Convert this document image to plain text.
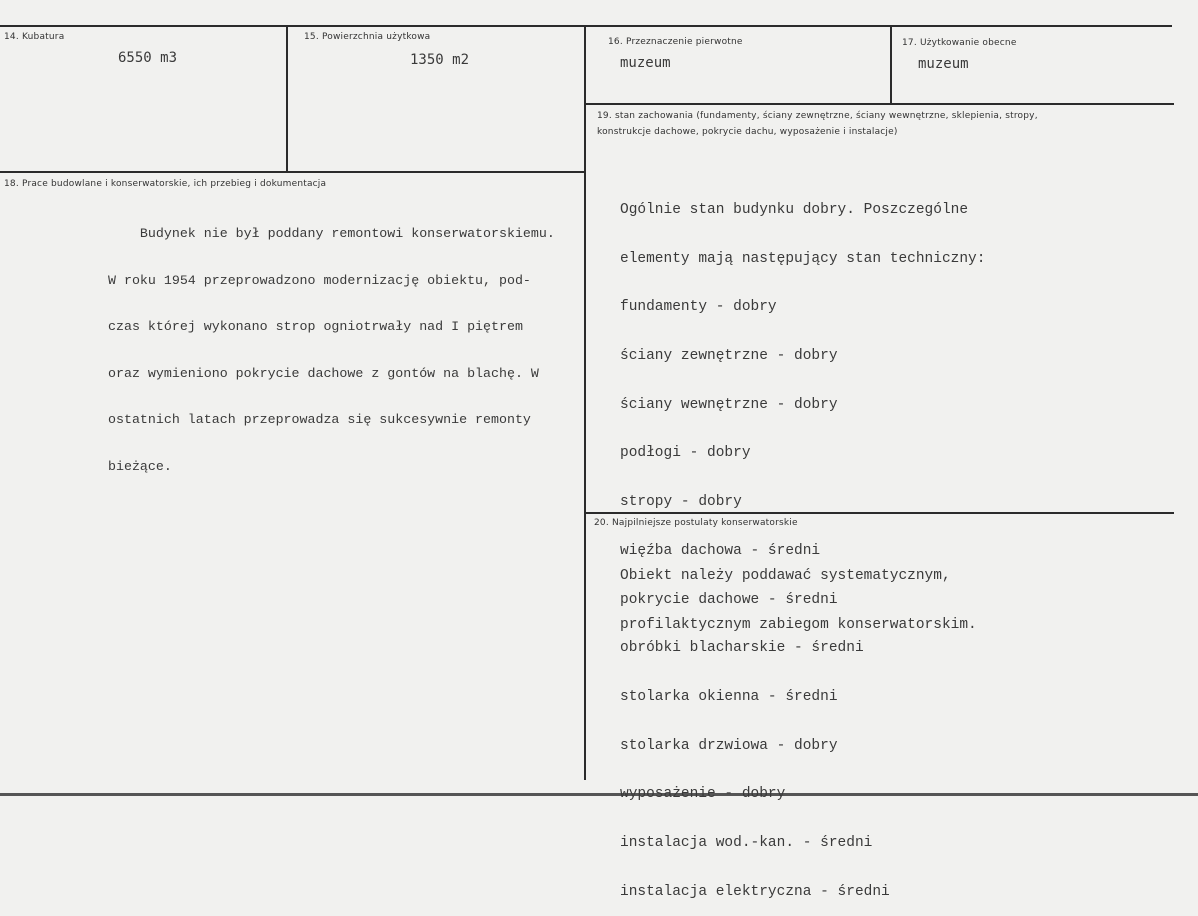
14. Kubatura
6550 m3
15. Powierzchnia użytkowa
1350 m2
16. Przeznaczenie pierwotne
muzeum
17. Użytkowanie obecne
muzeum
18. Prace budowlane i konserwatorskie, ich przebieg i dokumentacja

Budynek nie był poddany remontowi konserwatorskiemu.

W roku 1954 przeprowadzono modernizację obiektu, pod-

czas której wykonano strop ogniotrwały nad I piętrem

oraz wymieniono pokrycie dachowe z gontów na blachę. W

ostatnich latach przeprowadza się sukcesywnie remonty

bieżące.

19. stan zachowania (fundamenty, ściany zewnętrzne, ściany wewnętrzne, sklepienia, stropy,
konstrukcje dachowe, pokrycie dachu, wyposażenie i instalacje)

Ogólnie stan budynku dobry. Poszczególne

elementy mają następujący stan techniczny:

fundamenty - dobry

ściany zewnętrzne - dobry

ściany wewnętrzne - dobry

podłogi - dobry

stropy - dobry

więźba dachowa - średni

pokrycie dachowe - średni

obróbki blacharskie - średni

stolarka okienna - średni

stolarka drzwiowa - dobry

wyposażenie - dobry

instalacja wod.-kan. - średni

instalacja elektryczna - średni

20. Najpilniejsze postulaty konserwatorskie

Obiekt należy poddawać systematycznym,

profilaktycznym zabiegom konserwatorskim.
